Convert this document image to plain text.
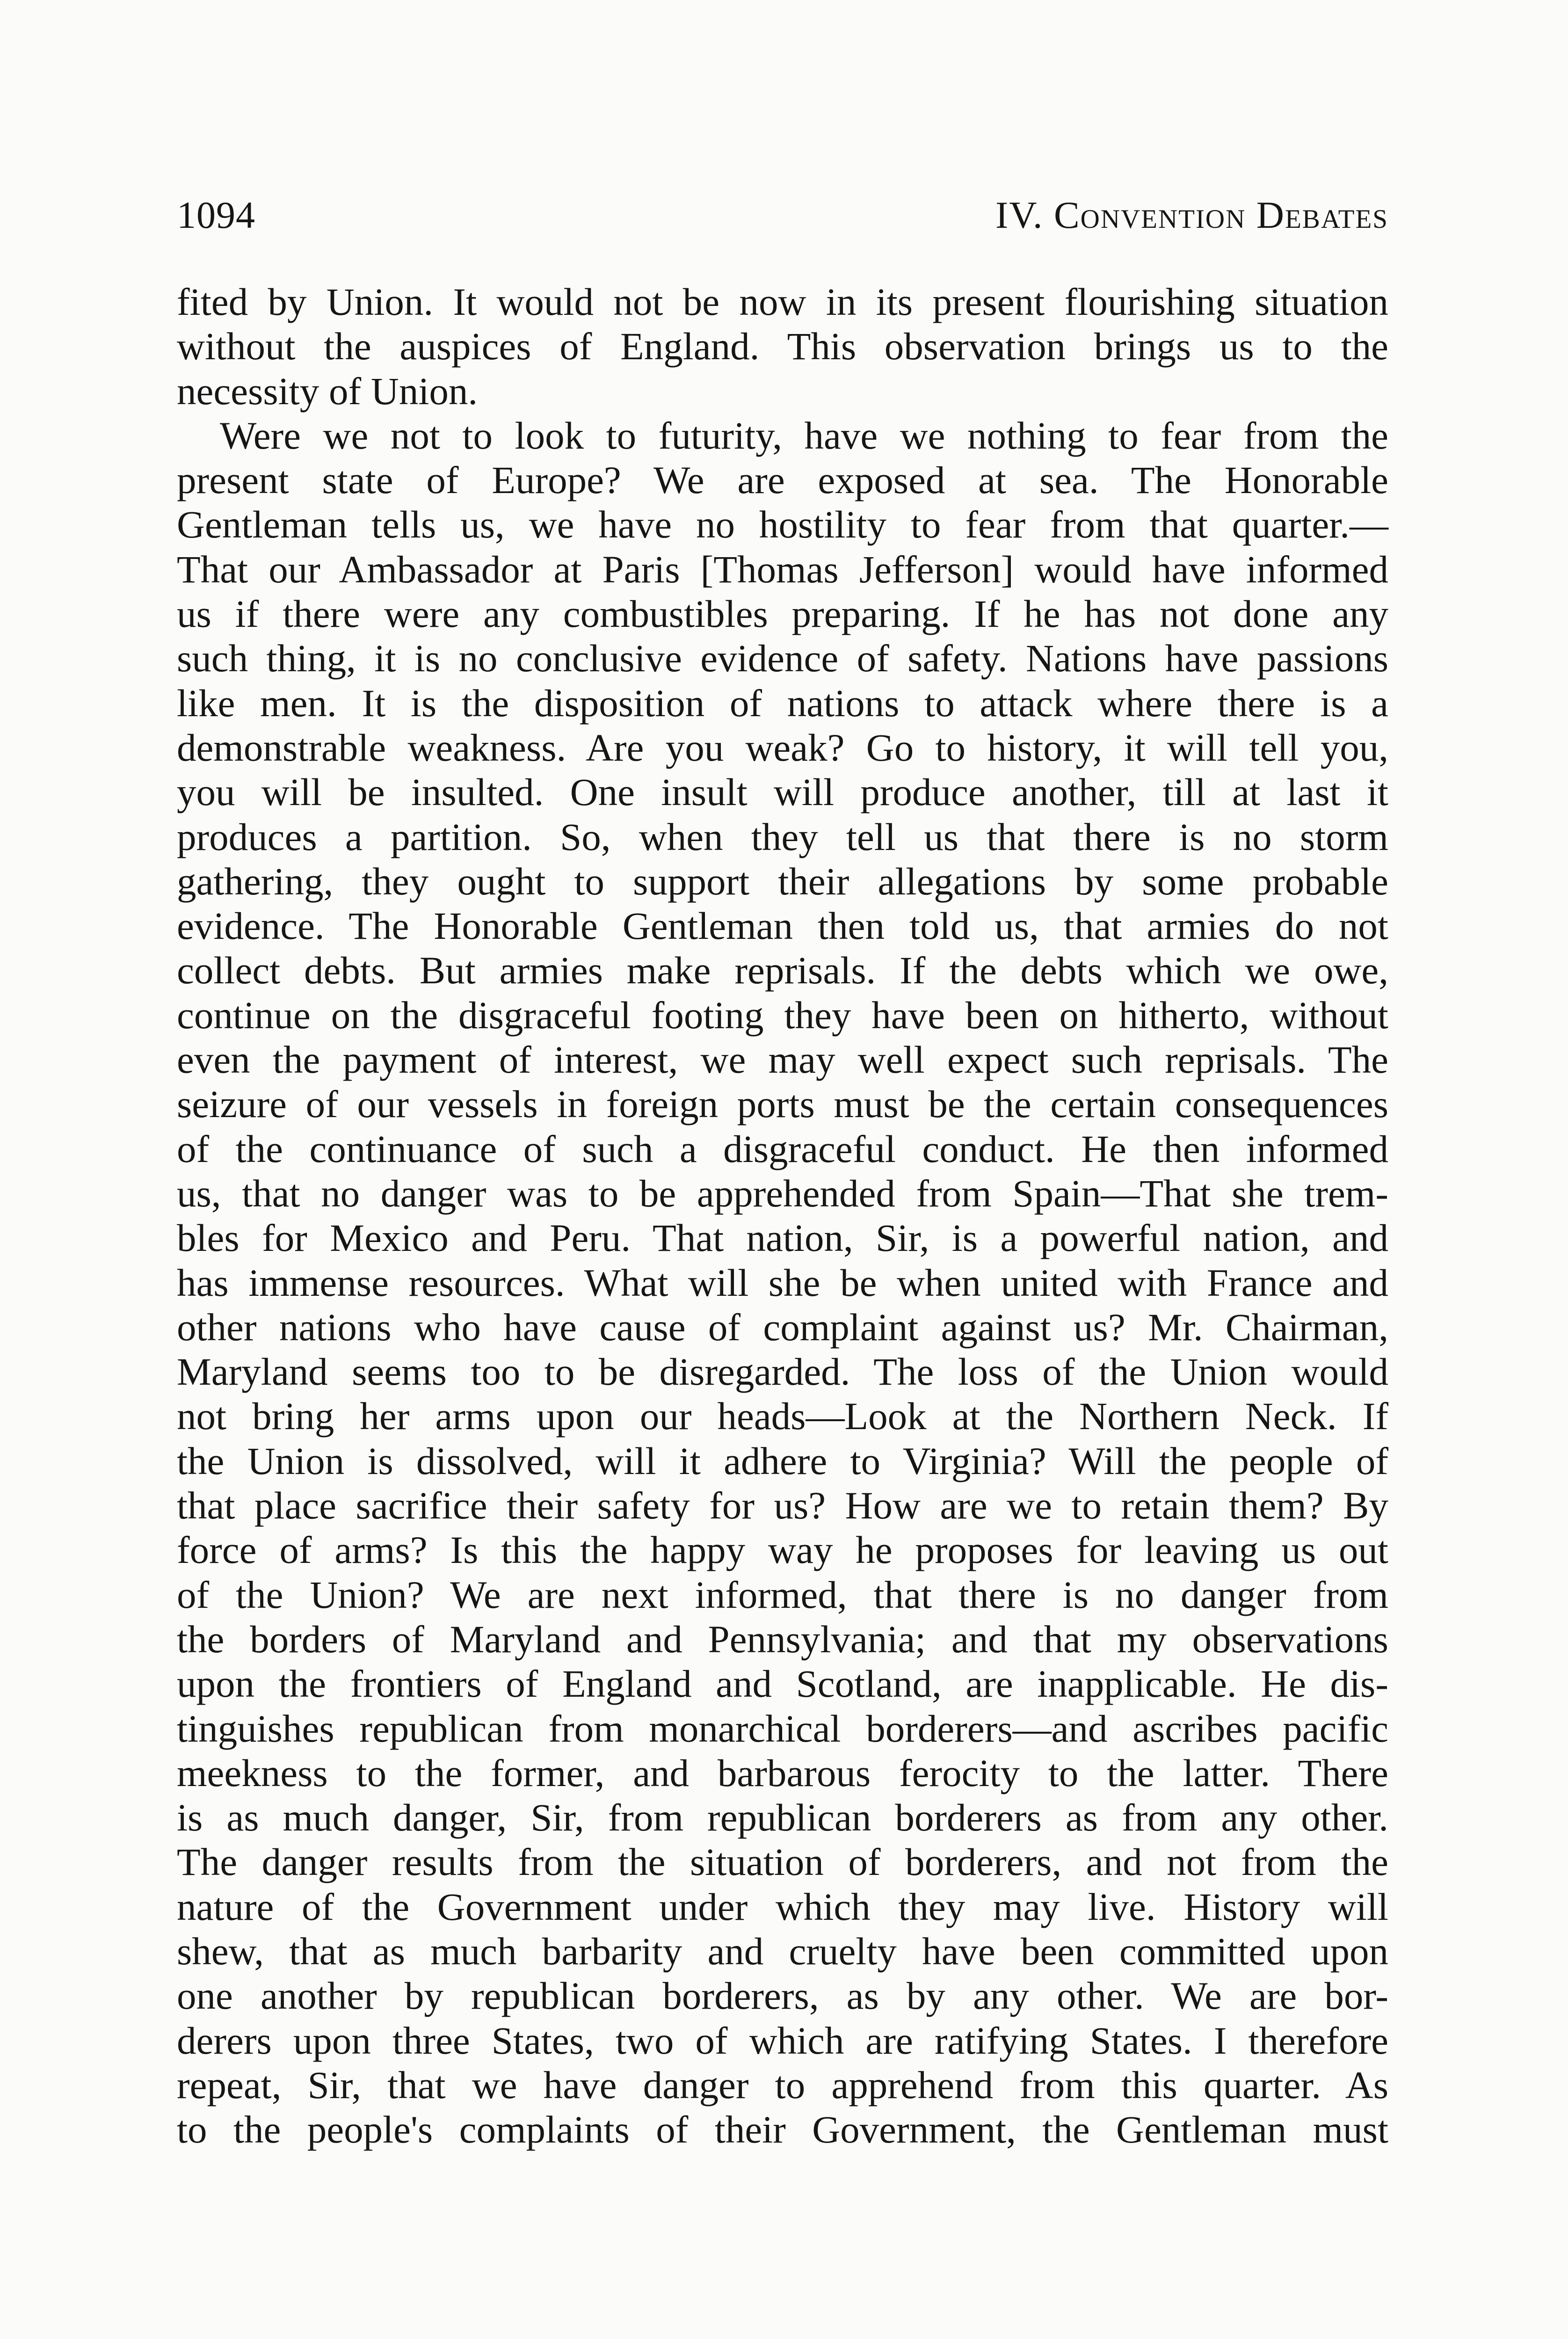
1094	IV. Convention Debates
fited by Union. It would not be now in its present flourishing situation
without the auspices of England. This observation brings us to the
necessity of Union.
Were we not to look to futurity, have we nothing to fear from the
present state of Europe? We are exposed at sea. The Honorable
Gentleman tells us, we have no hostility to fear from that quarter.—
That our Ambassador at Paris [Thomas Jefferson] would have informed
us if there were any combustibles preparing. If he has not done any
such thing, it is no conclusive evidence of safety. Nations have passions
like men. It is the disposition of nations to attack where there is a
demonstrable weakness. Are you weak? Go to history, it will tell you,
you will be insulted. One insult will produce another, till at last it
produces a partition. So, when they tell us that there is no storm
gathering, they ought to support their allegations by some probable
evidence. The Honorable Gentleman then told us, that armies do not
collect debts. But armies make reprisals. If the debts which we owe,
continue on the disgraceful footing they have been on hitherto, without
even the payment of interest, we may well expect such reprisals. The
seizure of our vessels in foreign ports must be the certain consequences
of the continuance of such a disgraceful conduct. He then informed
us, that no danger was to be apprehended from Spain—That she trem-
bles for Mexico and Peru. That nation, Sir, is a powerful nation, and
has immense resources. What will she be when united with France and
other nations who have cause of complaint against us? Mr. Chairman,
Maryland seems too to be disregarded. The loss of the Union would
not bring her arms upon our heads—Look at the Northern Neck. If
the Union is dissolved, will it adhere to Virginia? Will the people of
that place sacrifice their safety for us? How are we to retain them? By
force of arms? Is this the happy way he proposes for leaving us out
of the Union? We are next informed, that there is no danger from
the borders of Maryland and Pennsylvania; and that my observations
upon the frontiers of England and Scotland, are inapplicable. He dis-
tinguishes republican from monarchical borderers—and ascribes pacific
meekness to the former, and barbarous ferocity to the latter. There
is as much danger, Sir, from republican borderers as from any other.
The danger results from the situation of borderers, and not from the
nature of the Government under which they may live. History will
shew, that as much barbarity and cruelty have been committed upon
one another by republican borderers, as by any other. We are bor-
derers upon three States, two of which are ratifying States. I therefore
repeat, Sir, that we have danger to apprehend from this quarter. As
to the people's complaints of their Government, the Gentleman must
